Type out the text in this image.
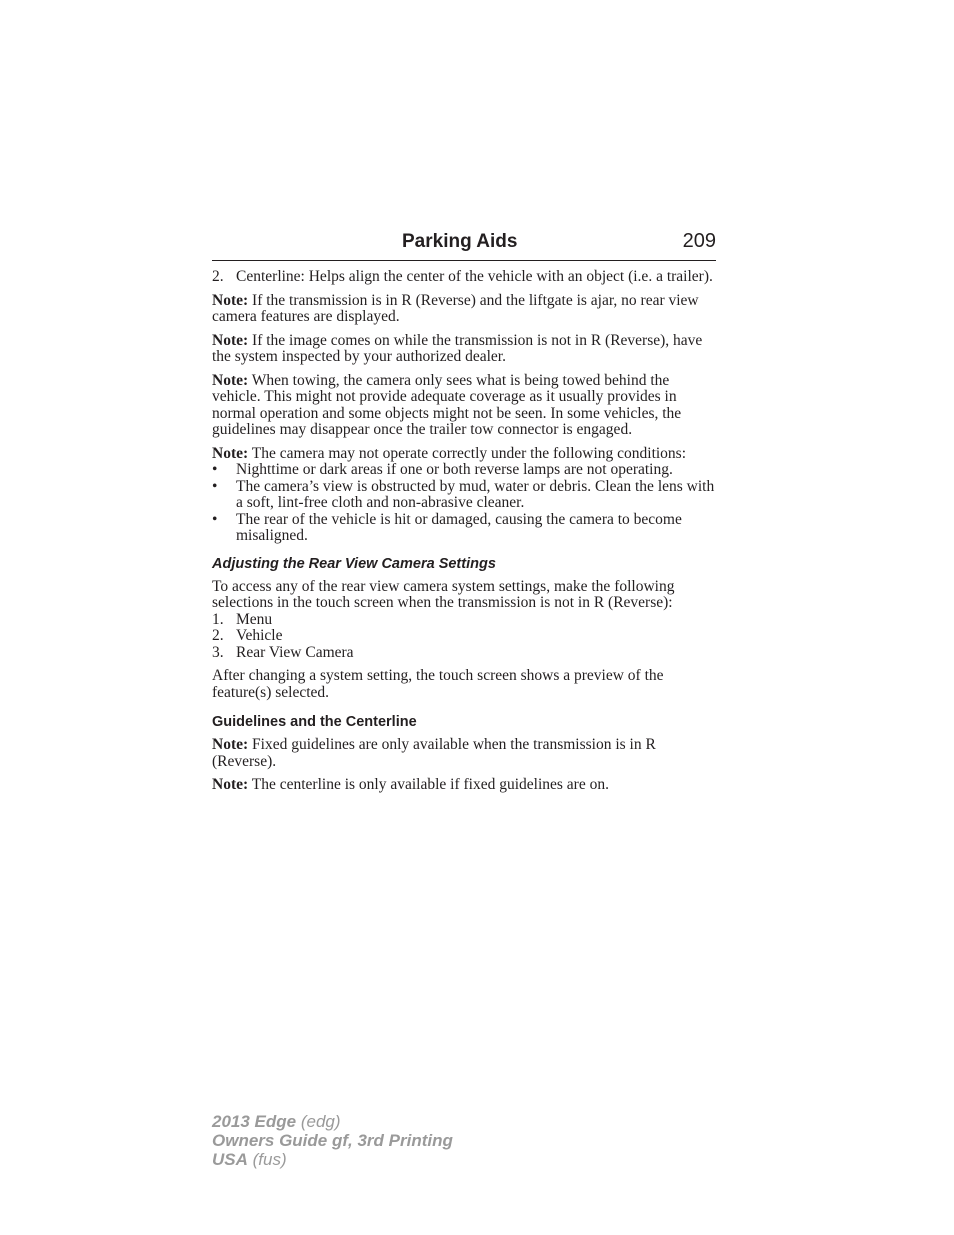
Parking Aids	209
2. Centerline: Helps align the center of the vehicle with an object (i.e. a trailer).

Note: If the transmission is in R (Reverse) and the liftgate is ajar, no rear view camera features are displayed.

Note: If the image comes on while the transmission is not in R (Reverse), have the system inspected by your authorized dealer.

Note: When towing, the camera only sees what is being towed behind the vehicle. This might not provide adequate coverage as it usually provides in normal operation and some objects might not be seen. In some vehicles, the guidelines may disappear once the trailer tow connector is engaged.

Note: The camera may not operate correctly under the following conditions:

• Nighttime or dark areas if one or both reverse lamps are not operating.
• The camera’s view is obstructed by mud, water or debris. Clean the lens with a soft, lint-free cloth and non-abrasive cleaner.
• The rear of the vehicle is hit or damaged, causing the camera to become misaligned.
Adjusting the Rear View Camera Settings

To access any of the rear view camera system settings, make the following selections in the touch screen when the transmission is not in R (Reverse):

1. Menu
2. Vehicle
3. Rear View Camera

After changing a system setting, the touch screen shows a preview of the feature(s) selected.

Guidelines and the Centerline

Note: Fixed guidelines are only available when the transmission is in R (Reverse).

Note: The centerline is only available if fixed guidelines are on.

2013 Edge (edg)
Owners Guide gf, 3rd Printing
USA (fus)
